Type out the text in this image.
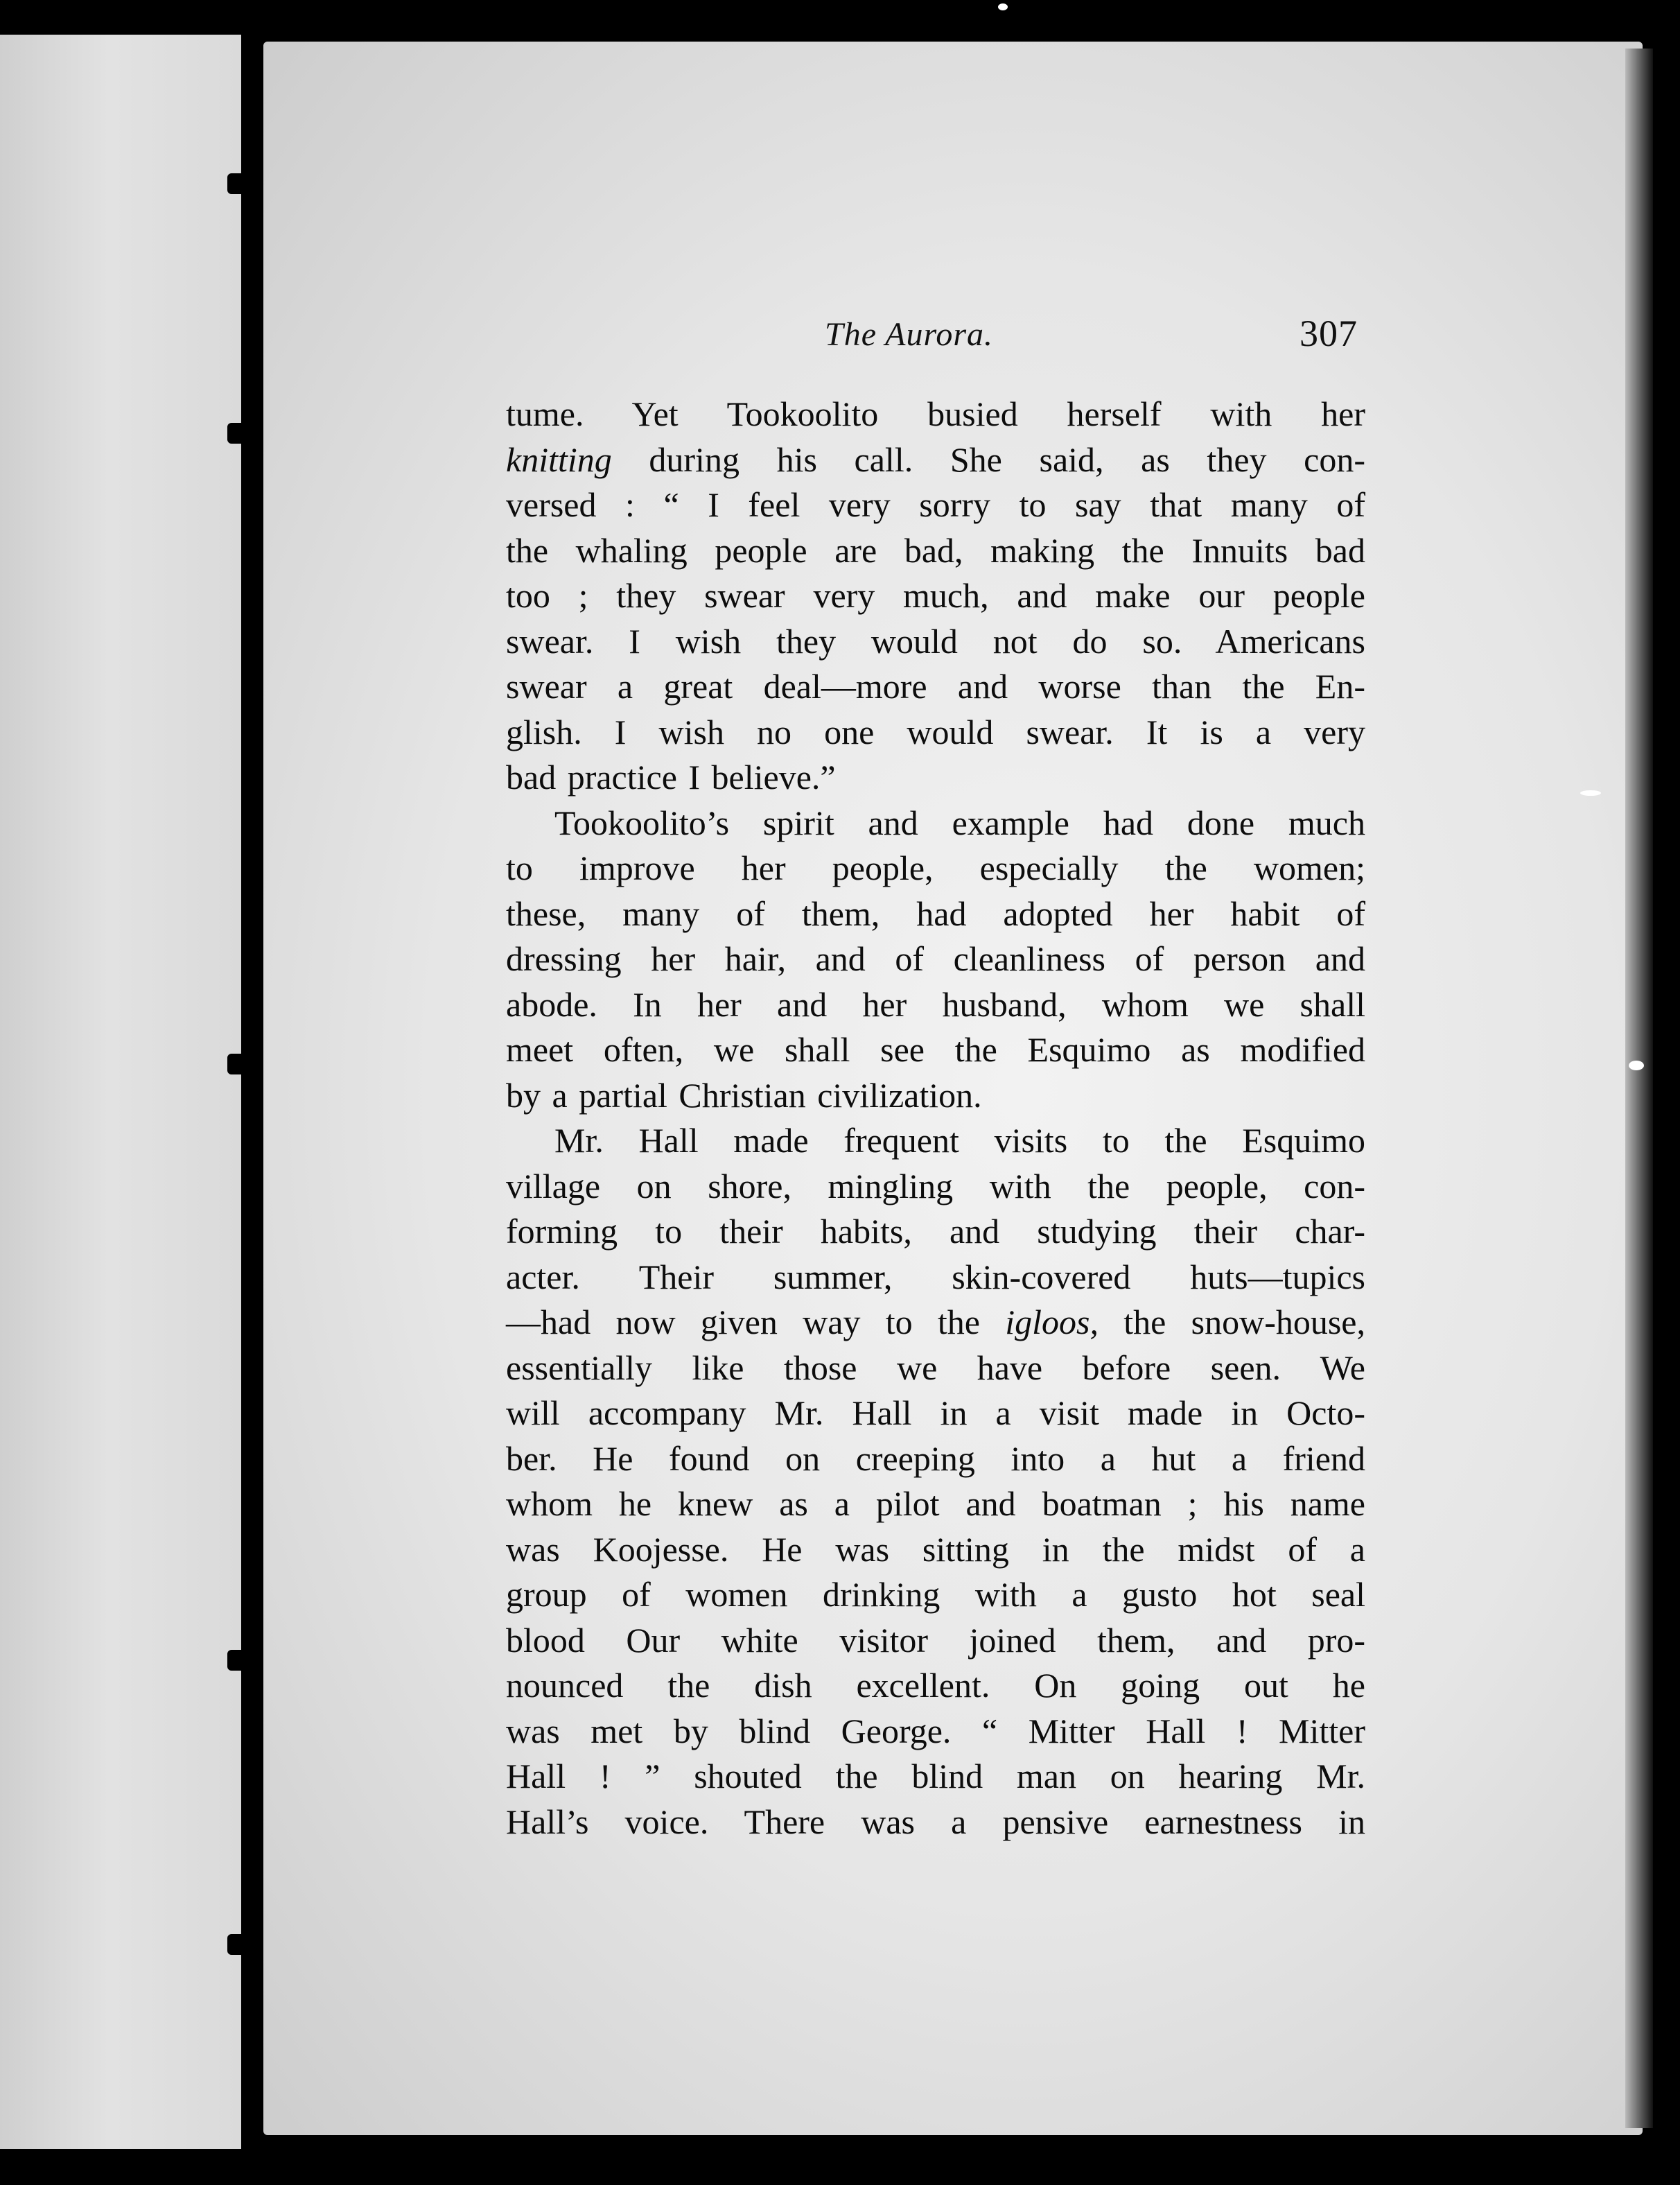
The Aurora.	307
tume. Yet Tookoolito busied herself with her
knitting during his call. She said, as they con-
versed : “ I feel very sorry to say that many of
the whaling people are bad, making the Innuits bad
too ; they swear very much, and make our people
swear. I wish they would not do so. Americans
swear a great deal—more and worse than the En-
glish. I wish no one would swear. It is a very
bad practice I believe.”
Tookoolito’s spirit and example had done much
to improve her people, especially the women;
these, many of them, had adopted her habit of
dressing her hair, and of cleanliness of person and
abode. In her and her husband, whom we shall
meet often, we shall see the Esquimo as modified
by a partial Christian civilization.
Mr. Hall made frequent visits to the Esquimo
village on shore, mingling with the people, con-
forming to their habits, and studying their char-
acter. Their summer, skin-covered huts—tupics
—had now given way to the igloos, the snow-house,
essentially like those we have before seen. We
will accompany Mr. Hall in a visit made in Octo-
ber. He found on creeping into a hut a friend
whom he knew as a pilot and boatman ; his name
was Koojesse. He was sitting in the midst of a
group of women drinking with a gusto hot seal
blood Our white visitor joined them, and pro-
nounced the dish excellent. On going out he
was met by blind George. “ Mitter Hall ! Mitter
Hall ! ” shouted the blind man on hearing Mr.
Hall’s voice. There was a pensive earnestness in
